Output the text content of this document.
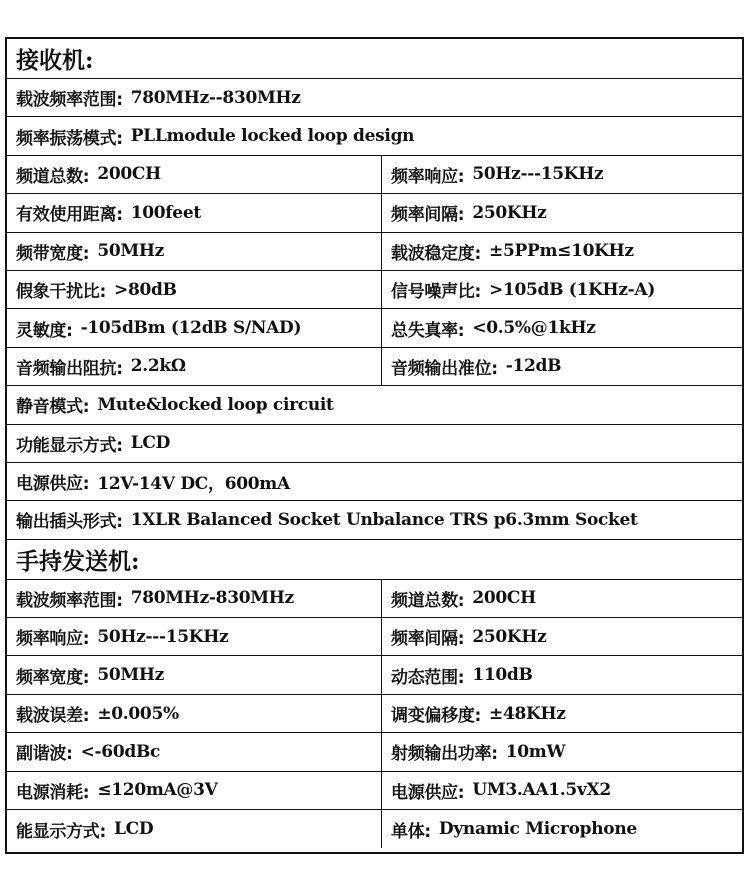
接收机:
载波频率范围: 780MHz--830MHz
频率振荡模式: PLLmodule locked loop design
频道总数: 200CH	频率响应: 50Hz---15KHz
有效使用距离: 100feet	频率间隔: 250KHz
频带宽度: 50MHz	载波稳定度: ±5PPm≤10KHz
假象干扰比: >80dB	信号噪声比: >105dB (1KHz-A)
灵敏度: -105dBm (12dB S/NAD)	总失真率: <0.5%@1kHz
音频输出阻抗: 2.2kΩ	音频输出准位: -12dB
静音模式: Mute&locked loop circuit
功能显示方式: LCD
电源供应: 12V-14V DC，600mA
输出插头形式: 1XLR Balanced Socket Unbalance TRS p6.3mm Socket
手持发送机:
载波频率范围: 780MHz-830MHz	频道总数: 200CH
频率响应: 50Hz---15KHz	频率间隔: 250KHz
频率宽度: 50MHz	动态范围: 110dB
载波误差: ±0.005%	调变偏移度: ±48KHz
副谐波: <-60dBc	射频输出功率: 10mW
电源消耗: ≤120mA@3V	电源供应: UM3.AA1.5vX2
能显示方式: LCD	单体: Dynamic Microphone
